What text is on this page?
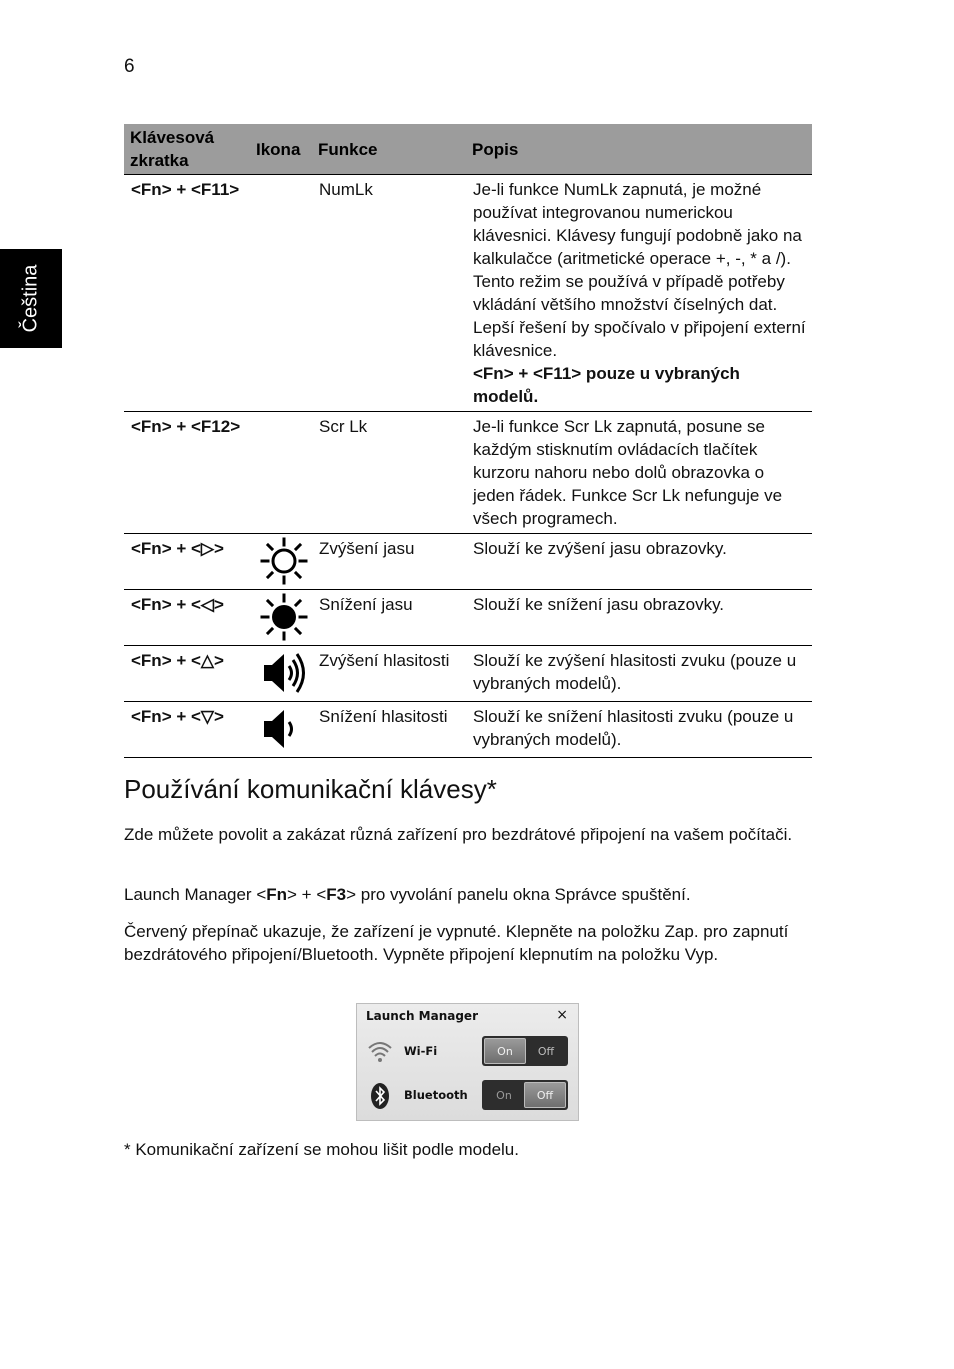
6
Čeština
Klávesová zkratka	Ikona	Funkce	Popis
<Fn> + <F11>		NumLk	Je-li funkce NumLk zapnutá, je možné používat integrovanou numerickou klávesnici. Klávesy fungují podobně jako na kalkulačce (aritmetické operace +, -, * a /). Tento režim se používá v případě potřeby vkládání většího množství číselných dat. Lepší řešení by spočívalo v připojení externí klávesnice.
<Fn> + <F11> pouze u vybraných modelů.

<Fn> + <F12>		Scr Lk	Je-li funkce Scr Lk zapnutá, posune se každým stisknutím ovládacích tlačítek kurzoru nahoru nebo dolů obrazovka o jeden řádek. Funkce Scr Lk nefunguje ve všech programech.
<Fn> + <▷>		Zvýšení jasu	Slouží ke zvýšení jasu obrazovky.
<Fn> + <◁>		Snížení jasu	Slouží ke snížení jasu obrazovky.
<Fn> + <△>		Zvýšení hlasitosti	Slouží ke zvýšení hlasitosti zvuku (pouze u vybraných modelů).
<Fn> + <▽>		Snížení hlasitosti	Slouží ke snížení hlasitosti zvuku (pouze u vybraných modelů).
Používání komunikační klávesy*

Zde můžete povolit a zakázat různá zařízení pro bezdrátové připojení na vašem počítači.

Launch Manager <Fn> + <F3> pro vyvolání panelu okna Správce spuštění.

Červený přepínač ukazuje, že zařízení je vypnuté. Klepněte na položku Zap. pro zapnutí bezdrátového připojení/Bluetooth. Vypněte připojení klepnutím na položku Vyp.

Launch Manager	×
Wi-Fi	On	Off
Bluetooth	On	Off

* Komunikační zařízení se mohou lišit podle modelu.
